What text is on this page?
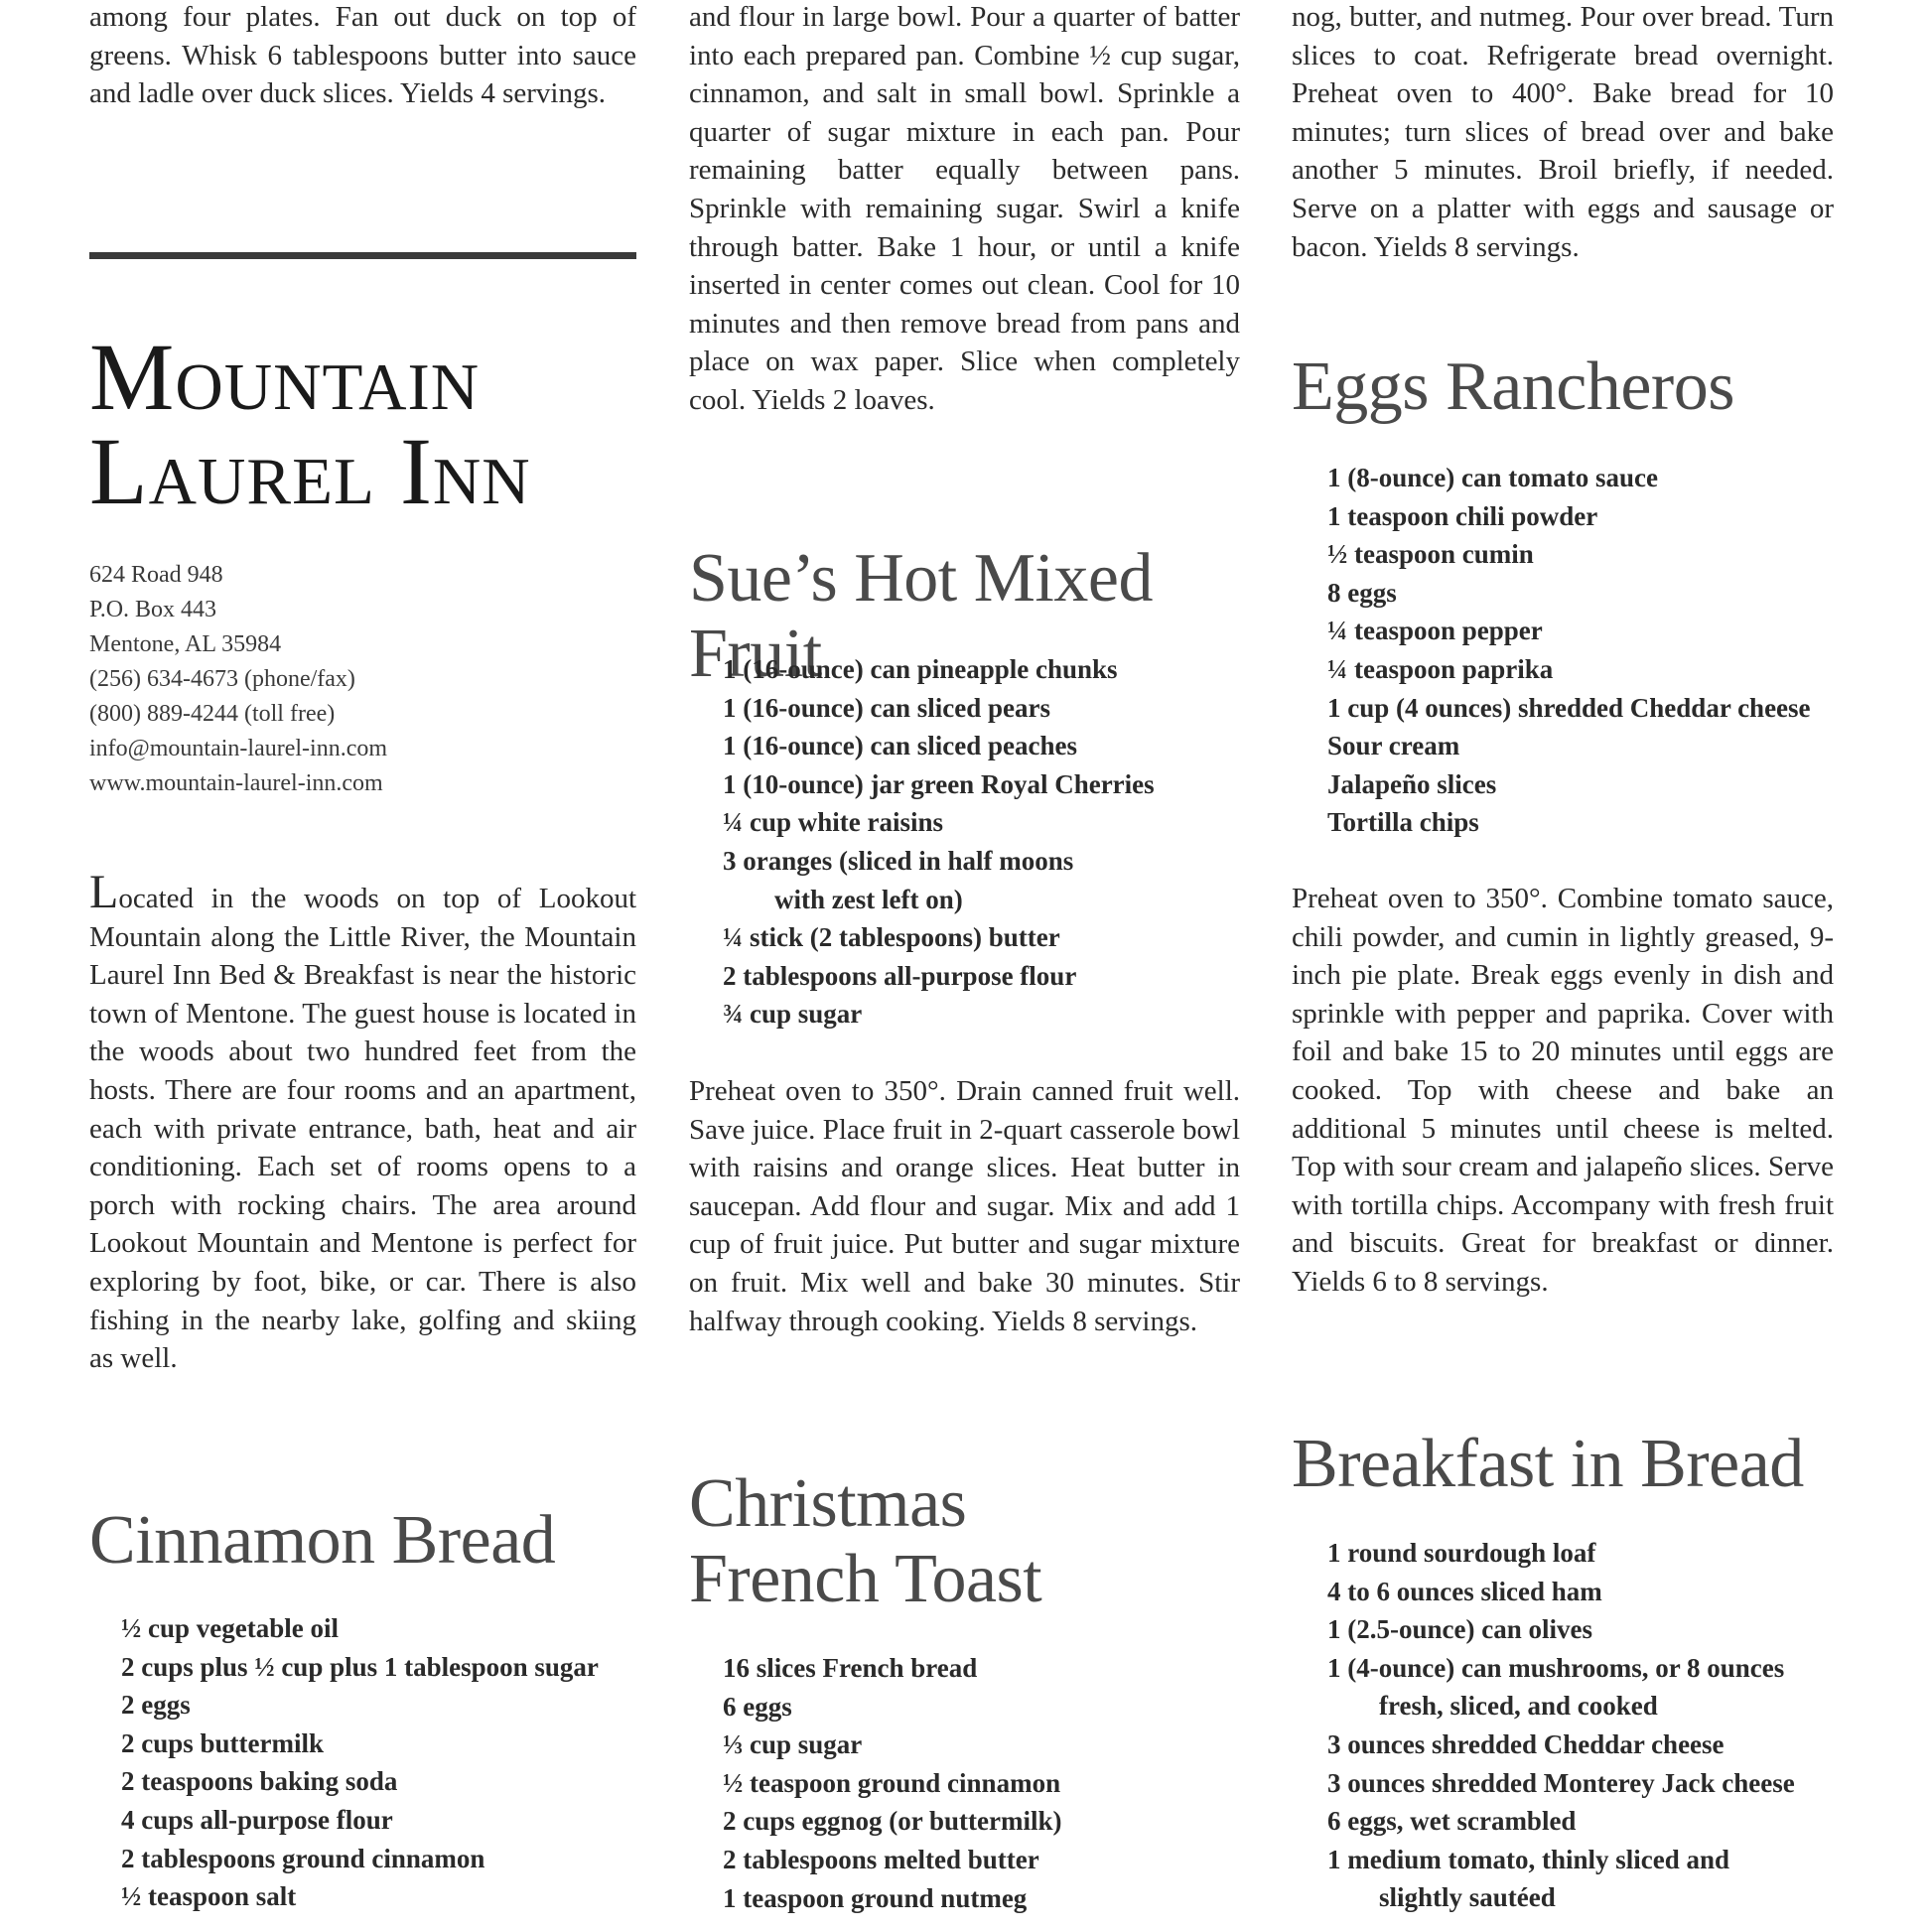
among four plates. Fan out duck on top of greens. Whisk 6 tablespoons butter into sauce and ladle over duck slices. Yields 4 servings.

Mountain
Laurel Inn
624 Road 948
P.O. Box 443
Mentone, AL 35984
(256) 634-4673 (phone/fax)
(800) 889-4244 (toll free)
info@mountain-laurel-inn.com
www.mountain-laurel-inn.com

Located in the woods on top of Lookout Mountain along the Little River, the Mountain Laurel Inn Bed & Breakfast is near the historic town of Mentone. The guest house is located in the woods about two hundred feet from the hosts. There are four rooms and an apartment, each with private entrance, bath, heat and air conditioning. Each set of rooms opens to a porch with rocking chairs. The area around Lookout Mountain and Mentone is perfect for exploring by foot, bike, or car. There is also fishing in the nearby lake, golfing and skiing as well.

Cinnamon Bread
½ cup vegetable oil
2 cups plus ½ cup plus 1 tablespoon sugar
2 eggs
2 cups buttermilk
2 teaspoons baking soda
4 cups all-purpose flour
2 tablespoons ground cinnamon
½ teaspoon salt

and flour in large bowl. Pour a quarter of batter into each prepared pan. Combine ½ cup sugar, cinnamon, and salt in small bowl. Sprinkle a quarter of sugar mixture in each pan. Pour remaining batter equally between pans. Sprinkle with remaining sugar. Swirl a knife through batter. Bake 1 hour, or until a knife inserted in center comes out clean. Cool for 10 minutes and then remove bread from pans and place on wax paper. Slice when completely cool. Yields 2 loaves.

Sue’s Hot Mixed Fruit
1 (16-ounce) can pineapple chunks
1 (16-ounce) can sliced pears
1 (16-ounce) can sliced peaches
1 (10-ounce) jar green Royal Cherries
¼ cup white raisins
3 oranges (sliced in half moons
with zest left on)
¼ stick (2 tablespoons) butter
2 tablespoons all-purpose flour
¾ cup sugar

Preheat oven to 350°. Drain canned fruit well. Save juice. Place fruit in 2-quart casserole bowl with raisins and orange slices. Heat butter in saucepan. Add flour and sugar. Mix and add 1 cup of fruit juice. Put butter and sugar mixture on fruit. Mix well and bake 30 minutes. Stir halfway through cooking. Yields 8 servings.

Christmas
French Toast
16 slices French bread
6 eggs
⅓ cup sugar
½ teaspoon ground cinnamon
2 cups eggnog (or buttermilk)
2 tablespoons melted butter
1 teaspoon ground nutmeg

nog, butter, and nutmeg. Pour over bread. Turn slices to coat. Refrigerate bread overnight. Preheat oven to 400°. Bake bread for 10 minutes; turn slices of bread over and bake another 5 minutes. Broil briefly, if needed. Serve on a platter with eggs and sausage or bacon. Yields 8 servings.

Eggs Rancheros
1 (8-ounce) can tomato sauce
1 teaspoon chili powder
½ teaspoon cumin
8 eggs
¼ teaspoon pepper
¼ teaspoon paprika
1 cup (4 ounces) shredded Cheddar cheese
Sour cream
Jalapeño slices
Tortilla chips

Preheat oven to 350°. Combine tomato sauce, chili powder, and cumin in lightly greased, 9-inch pie plate. Break eggs evenly in dish and sprinkle with pepper and paprika. Cover with foil and bake 15 to 20 minutes until eggs are cooked. Top with cheese and bake an additional 5 minutes until cheese is melted. Top with sour cream and jalapeño slices. Serve with tortilla chips. Accompany with fresh fruit and biscuits. Great for breakfast or dinner. Yields 6 to 8 servings.

Breakfast in Bread
1 round sourdough loaf
4 to 6 ounces sliced ham
1 (2.5-ounce) can olives
1 (4-ounce) can mushrooms, or 8 ounces
fresh, sliced, and cooked
3 ounces shredded Cheddar cheese
3 ounces shredded Monterey Jack cheese
6 eggs, wet scrambled
1 medium tomato, thinly sliced and
slightly sautéed
